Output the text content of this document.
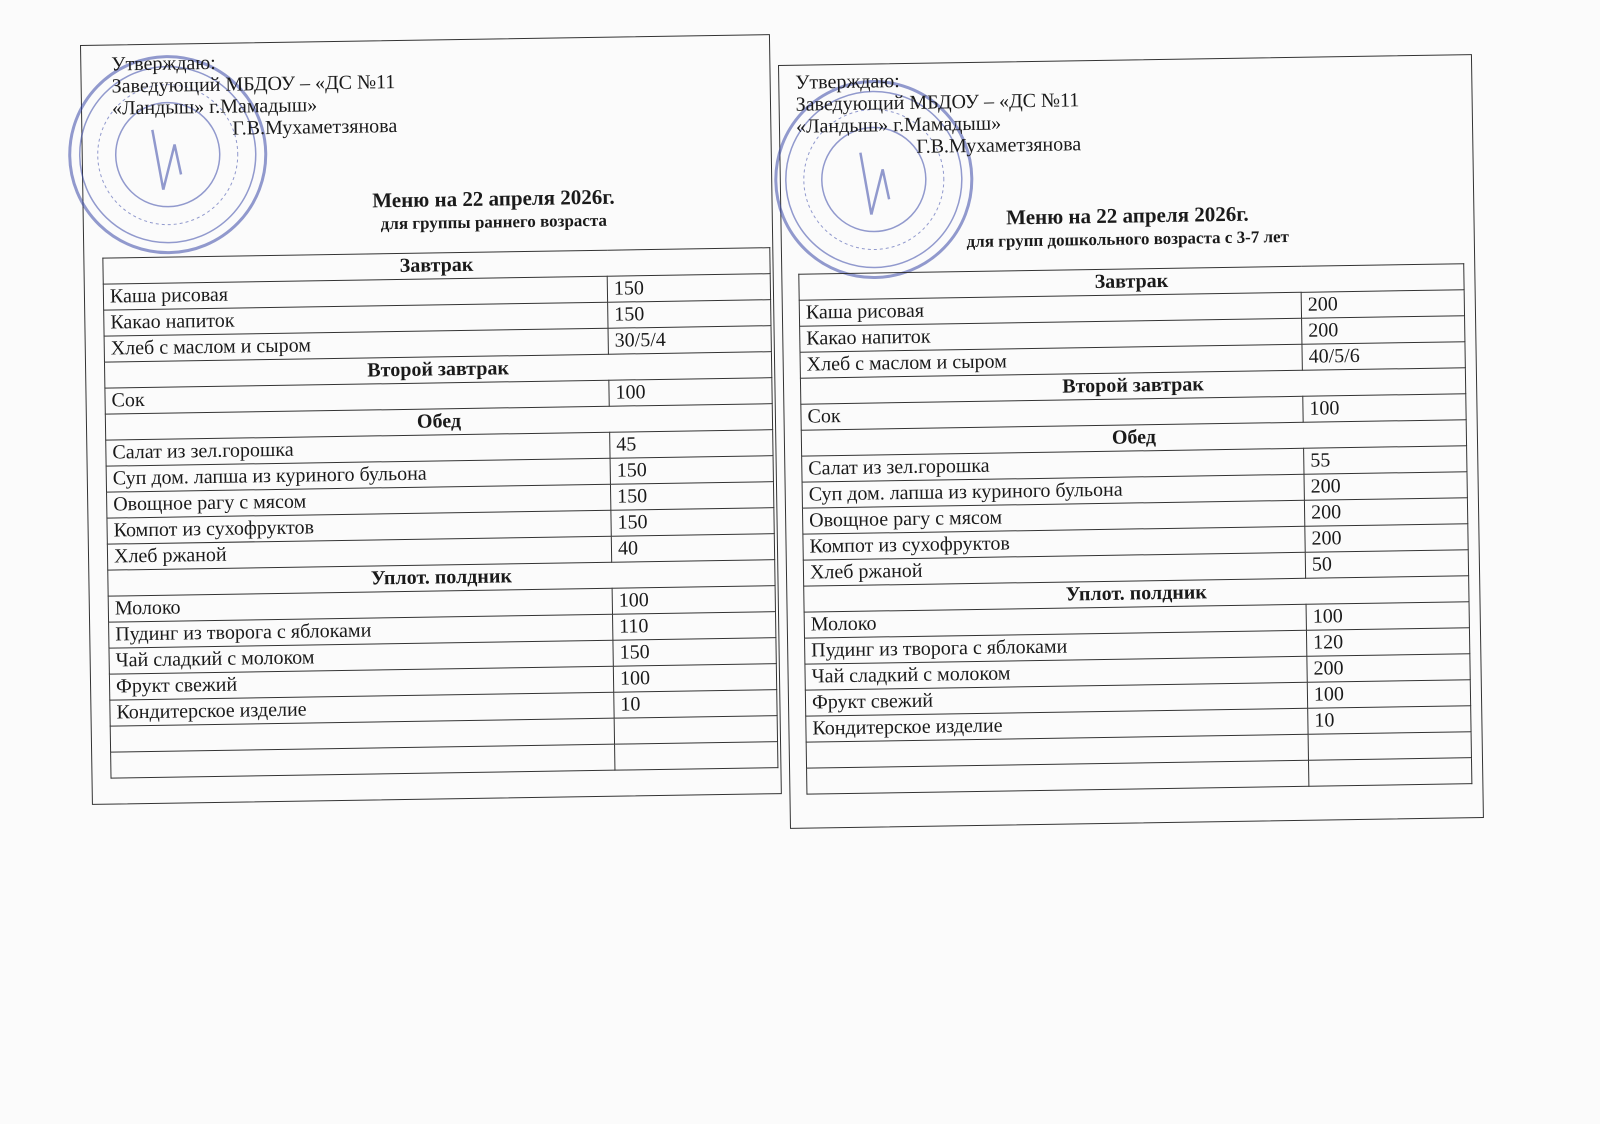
Утверждаю:
Заведующий МБДОУ – «ДС №11
«Ландыш» г.Мамадыш»
Г.В.Мухаметзянова
Меню на 22 апреля 2026г.
для группы раннего возраста
Завтрак	
Каша рисовая	150
Какао напиток	150
Хлеб с маслом и сыром	30/5/4
Второй завтрак	
Сок	100
Обед	
Салат из зел.горошка	45
Суп дом. лапша из куриного бульона	150
Овощное рагу с мясом	150
Компот из сухофруктов	150
Хлеб ржаной	40
Уплот. полдник	
Молоко	100
Пудинг из творога с яблоками	110
Чай сладкий с молоком	150
Фрукт свежий	100
Кондитерское изделие	10

Утверждаю:
Заведующий МБДОУ – «ДС №11
«Ландыш» г.Мамадыш»
Г.В.Мухаметзянова
Меню на 22 апреля 2026г.
для групп дошкольного возраста с 3-7 лет
Завтрак	
Каша рисовая	200
Какао напиток	200
Хлеб с маслом и сыром	40/5/6
Второй завтрак	
Сок	100
Обед	
Салат из зел.горошка	55
Суп дом. лапша из куриного бульона	200
Овощное рагу с мясом	200
Компот из сухофруктов	200
Хлеб ржаной	50
Уплот. полдник	
Молоко	100
Пудинг из творога с яблоками	120
Чай сладкий с молоком	200
Фрукт свежий	100
Кондитерское изделие	10
